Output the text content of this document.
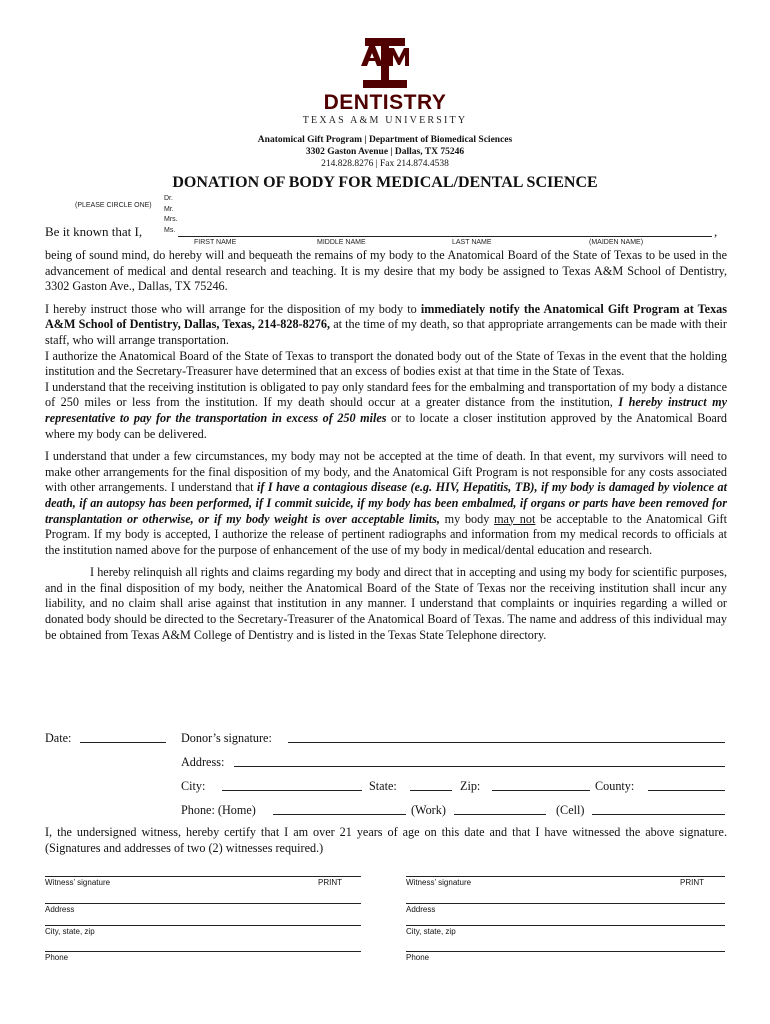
DENTISTRY
TEXAS A&M UNIVERSITY
Anatomical Gift Program | Department of Biomedical Sciences
3302 Gaston Avenue | Dallas, TX 75246
214.828.8276 | Fax 214.874.4538
DONATION OF BODY FOR MEDICAL/DENTAL SCIENCE
(PLEASE CIRCLE ONE)
Dr.
Mr.
Mrs.
Ms.
Be it known that I,	,
FIRST NAME	MIDDLE NAME	LAST NAME	(MAIDEN NAME)

being of sound mind, do hereby will and bequeath the remains of my body to the Anatomical Board of the State of Texas to be used in the advancement of medical and dental research and teaching. It is my desire that my body be assigned to Texas A&M School of Dentistry, 3302 Gaston Ave., Dallas, TX 75246.

I hereby instruct those who will arrange for the disposition of my body to immediately notify the Anatomical Gift Program at Texas A&M School of Dentistry, Dallas, Texas, 214-828-8276, at the time of my death, so that appropriate arrangements can be made with their staff, who will arrange transportation.

I authorize the Anatomical Board of the State of Texas to transport the donated body out of the State of Texas in the event that the holding institution and the Secretary-Treasurer have determined that an excess of bodies exist at that time in the State of Texas.

I understand that the receiving institution is obligated to pay only standard fees for the embalming and transportation of my body a distance of 250 miles or less from the institution. If my death should occur at a greater distance from the institution, I hereby instruct my representative to pay for the transportation in excess of 250 miles or to locate a closer institution approved by the Anatomical Board where my body can be delivered.

I understand that under a few circumstances, my body may not be accepted at the time of death. In that event, my survivors will need to make other arrangements for the final disposition of my body, and the Anatomical Gift Program is not responsible for any costs associated with other arrangements. I understand that if I have a contagious disease (e.g. HIV, Hepatitis, TB), if my body is damaged by violence at death, if an autopsy has been performed, if I commit suicide, if my body has been embalmed, if organs or parts have been removed for transplantation or otherwise, or if my body weight is over acceptable limits, my body may not be acceptable to the Anatomical Gift Program. If my body is accepted, I authorize the release of pertinent radiographs and information from my medical records to officials at the institution named above for the purpose of enhancement of the use of my body in medical/dental education and research.

I hereby relinquish all rights and claims regarding my body and direct that in accepting and using my body for scientific purposes, and in the final disposition of my body, neither the Anatomical Board of the State of Texas nor the receiving institution shall incur any liability, and no claim shall arise against that institution in any manner. I understand that complaints or inquiries regarding a willed or donated body should be directed to the Secretary-Treasurer of the Anatomical Board of Texas. The name and address of this individual may be obtained from Texas A&M College of Dentistry and is listed in the Texas State Telephone directory.

Date:	Donor’s signature:
Address:
City:	State:	Zip:	County:
Phone: (Home)	(Work)	(Cell)
I, the undersigned witness, hereby certify that I am over 21 years of age on this date and that I have witnessed the above signature. (Signatures and addresses of two (2) witnesses required.)
Witness’ signature	PRINT
Address
City, state, zip
Phone
Witness’ signature	PRINT
Address
City, state, zip
Phone
